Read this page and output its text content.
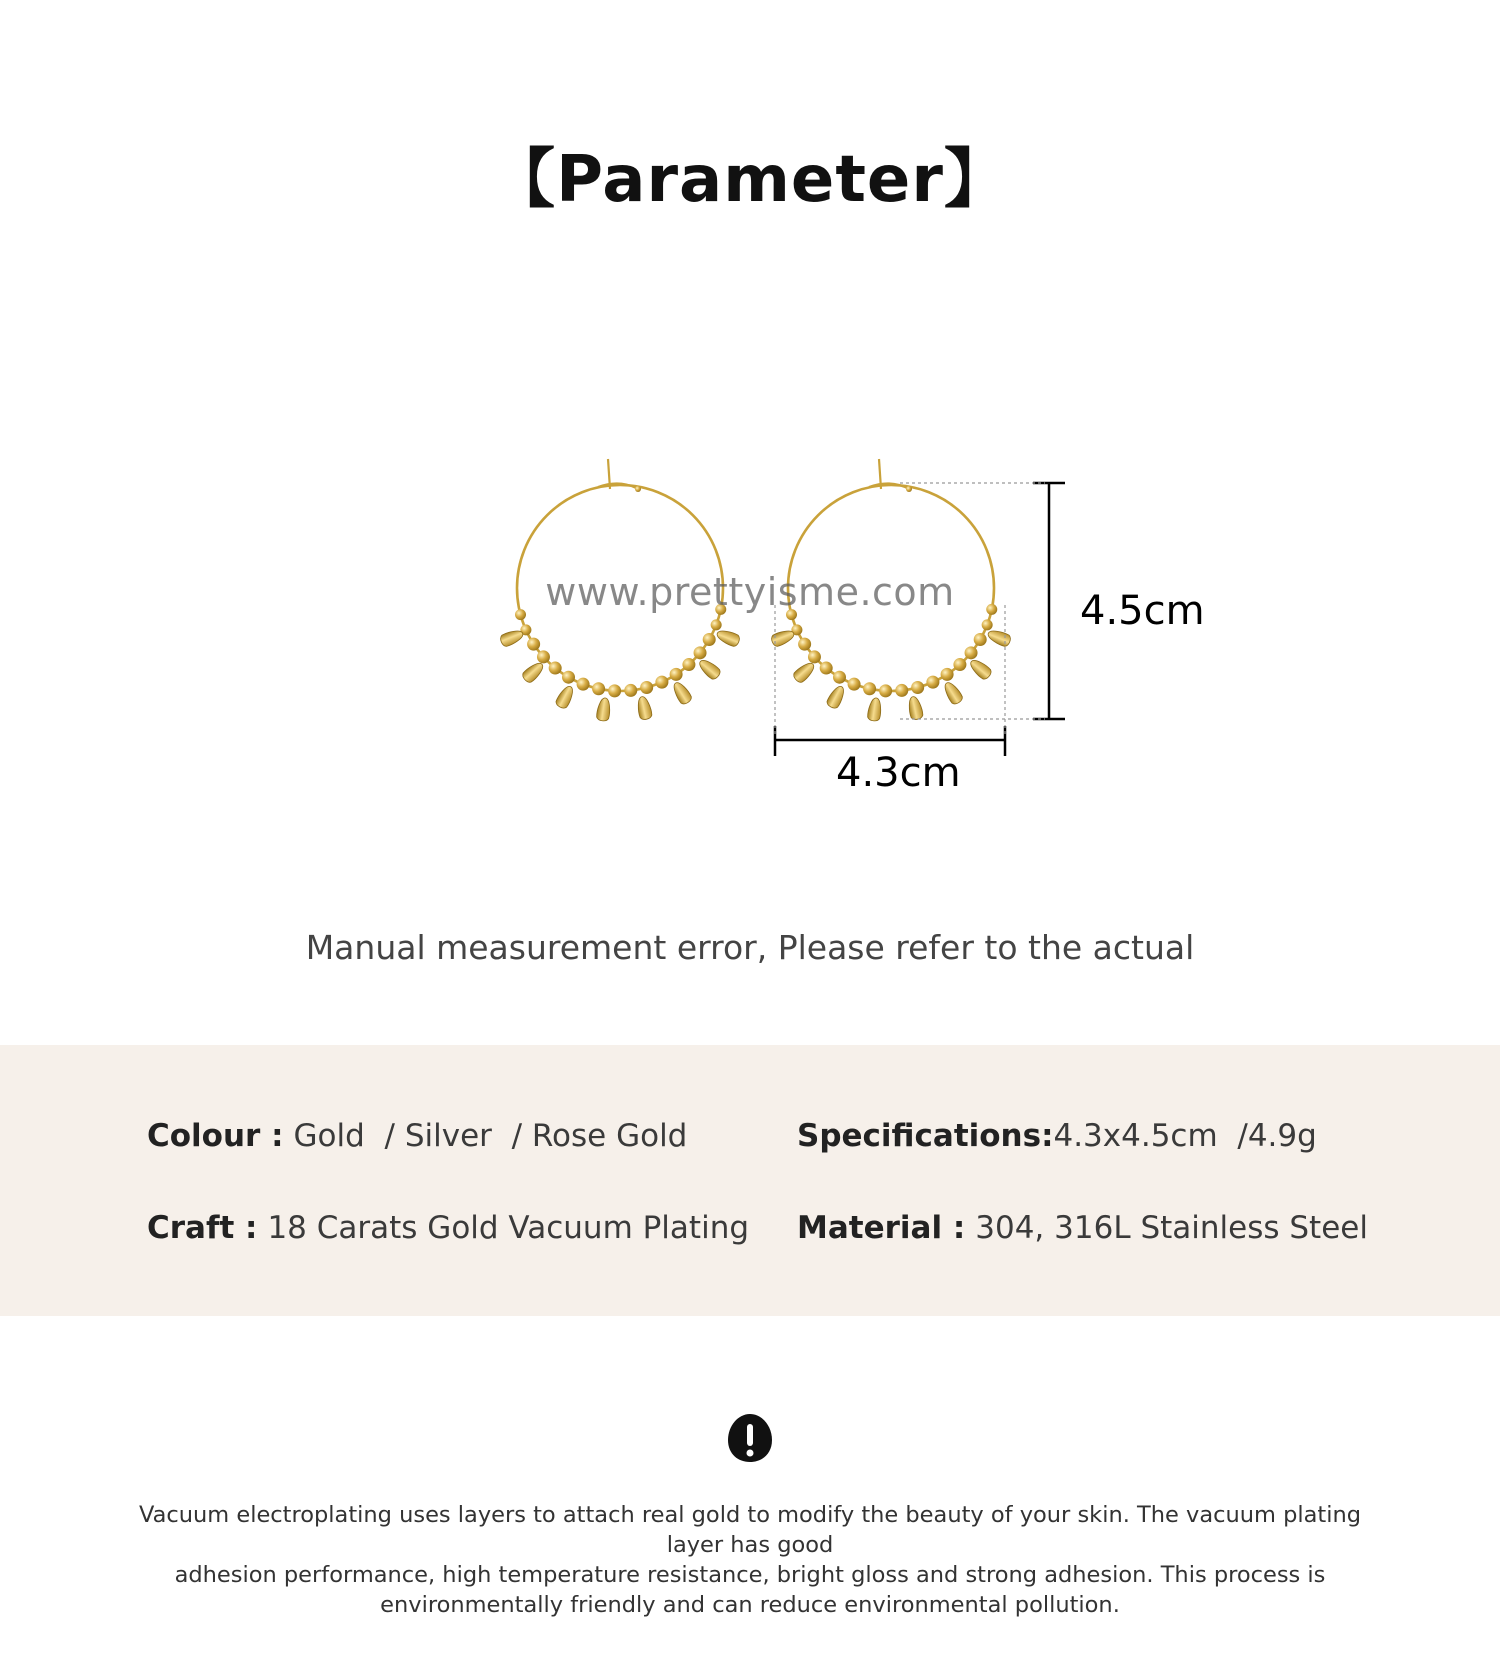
【Parameter】
www.prettyisme.com	4.5cm
4.3cm
Manual measurement error, Please refer to the actual
Colour : Gold  / Silver  / Rose Gold	Specifications:4.3x4.5cm  /4.9g
Craft : 18 Carats Gold Vacuum Plating Material : 304, 316L Stainless Steel
Vacuum electroplating uses layers to attach real gold to modify the beauty of your skin. The vacuum plating layer has good
adhesion performance, high temperature resistance, bright gloss and strong adhesion. This process is
environmentally friendly and can reduce environmental pollution.
